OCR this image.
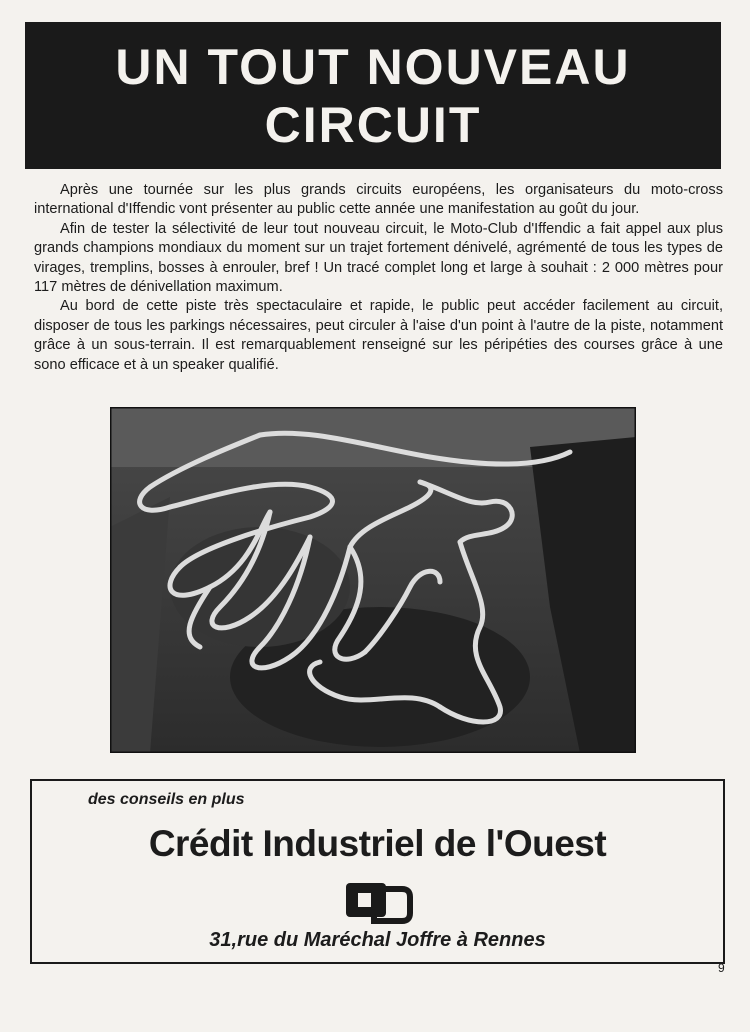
UN TOUT NOUVEAU
CIRCUIT

Après une tournée sur les plus grands circuits européens, les organisateurs du moto-cross international d'Iffendic vont présenter au public cette année une manifestation au goût du jour.

Afin de tester la sélectivité de leur tout nouveau circuit, le Moto-Club d'Iffendic a fait appel aux plus grands champions mondiaux du moment sur un trajet fortement dénivelé, agrémenté de tous les types de virages, tremplins, bosses à enrouler, bref ! Un tracé complet long et large à souhait : 2 000 mètres pour 117 mètres de dénivellation maximum.

Au bord de cette piste très spectaculaire et rapide, le public peut accéder facilement au circuit, disposer de tous les parkings nécessaires, peut circuler à l'aise d'un point à l'autre de la piste, notamment grâce à un sous-terrain. Il est remarquablement renseigné sur les péripéties des courses grâce à une sono efficace et à un speaker qualifié.

des conseils en plus
Crédit Industriel de l'Ouest
31,rue du Maréchal Joffre à Rennes
9
